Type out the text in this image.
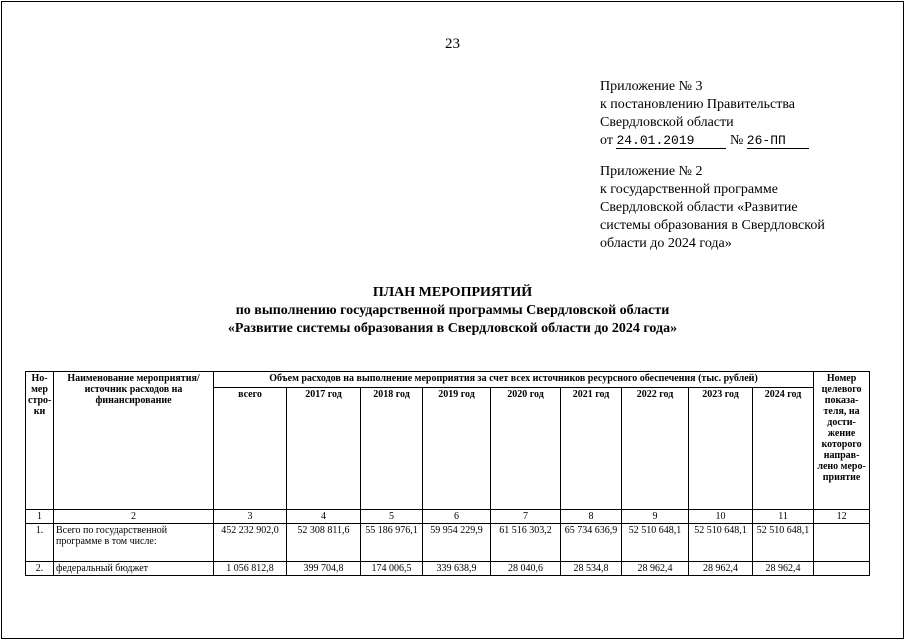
23
Приложение № 3
к постановлению Правительства
Свердловской области
от 24.01.2019	№ 26-ПП
Приложение № 2
к государственной программе
Свердловской области «Развитие
системы образования в Свердловской
области до 2024 года»
ПЛАН МЕРОПРИЯТИЙ
по выполнению государственной программы Свердловской области
«Развитие системы образования в Свердловской области до 2024 года»
Но-мер стро-ки	Наименование мероприятия/ источник расходов на финансирование	Объем расходов на выполнение мероприятия за счет всех источников ресурсного обеспечения (тыс. рублей)									Номер целевого показа-теля, на дости-жение которого направ-лено меро-приятие
		всего	2017 год	2018 год	2019 год	2020 год	2021 год	2022 год	2023 год	2024 год	
1	2	3	4	5	6	7	8	9	10	11	12
1.	Всего по государственной программе в том числе:	452 232 902,0	52 308 811,6	55 186 976,1	59 954 229,9	61 516 303,2	65 734 636,9	52 510 648,1	52 510 648,1	52 510 648,1	
2.	федеральный бюджет	1 056 812,8	399 704,8	174 006,5	339 638,9	28 040,6	28 534,8	28 962,4	28 962,4	28 962,4	
